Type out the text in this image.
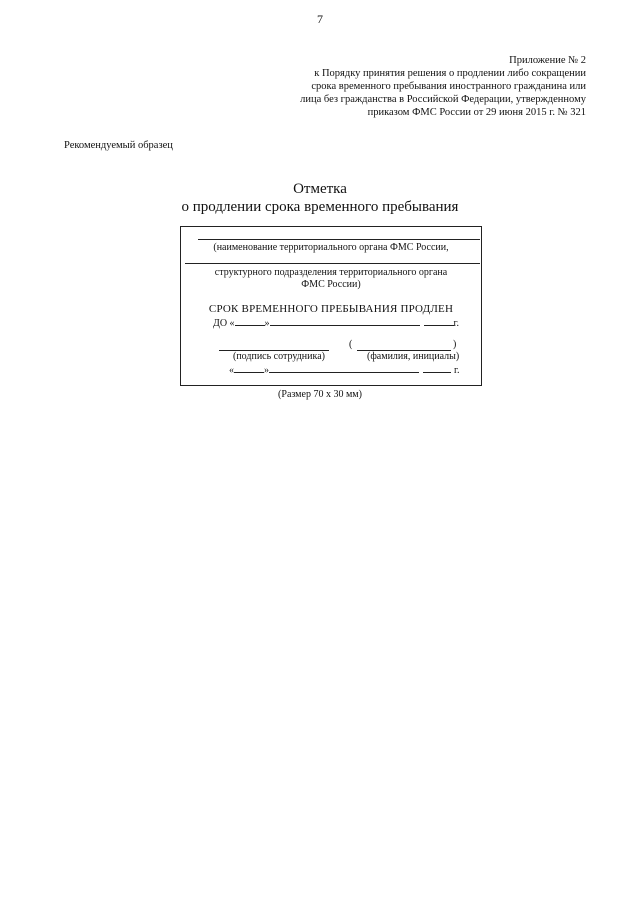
7
Приложение № 2
к Порядку принятия решения о продлении либо сокращении
срока временного пребывания иностранного гражданина или
лица без гражданства в Российской Федерации, утвержденному
приказом ФМС России от 29 июня 2015 г. № 321
Рекомендуемый образец
Отметка
о продлении срока временного пребывания
(наименование территориального органа ФМС России,
структурного подразделения территориального органа
ФМС России)
СРОК ВРЕМЕННОГО ПРЕБЫВАНИЯ ПРОДЛЕН
ДО «	»	г.
(	)
(подпись сотрудника)	(фамилия, инициалы)
«	»	г.
(Размер 70 х 30 мм)
